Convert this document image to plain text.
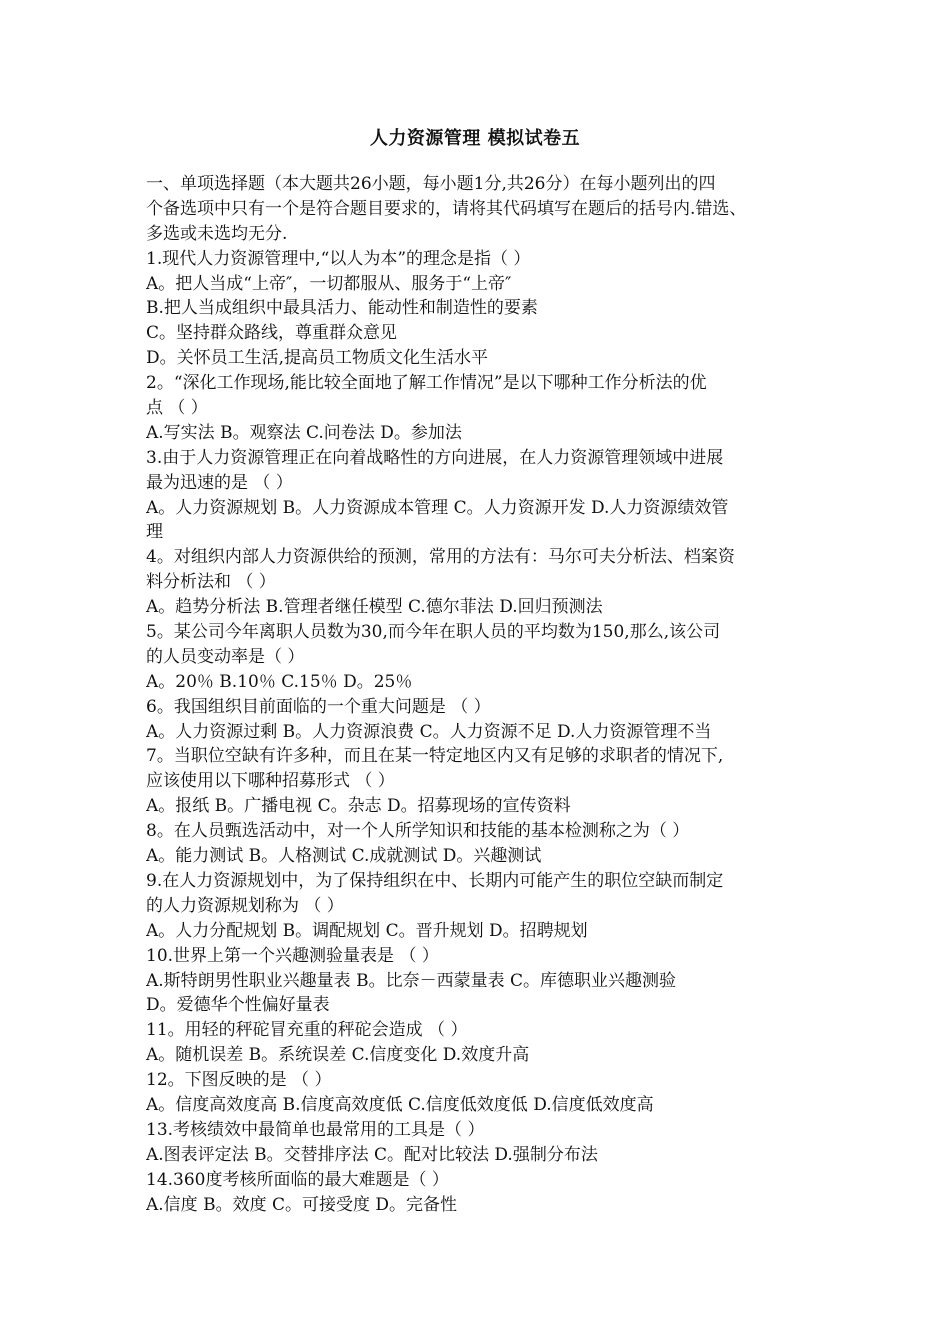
人力资源管理 模拟试卷五
一、单项选择题（本大题共26小题，每小题1分,共26分）在每小题列出的四
个备选项中只有一个是符合题目要求的，请将其代码填写在题后的括号内.错选、
多选或未选均无分.
1.现代人力资源管理中,“以人为本”的理念是指（ ）
A。把人当成“上帝″，一切都服从、服务于“上帝″
B.把人当成组织中最具活力、能动性和制造性的要素
C。坚持群众路线，尊重群众意见
D。关怀员工生活,提高员工物质文化生活水平
2。“深化工作现场,能比较全面地了解工作情况”是以下哪种工作分析法的优
点 （ ）
A.写实法 B。观察法 C.问卷法 D。参加法
3.由于人力资源管理正在向着战略性的方向进展，在人力资源管理领域中进展
最为迅速的是 （ ）
A。人力资源规划 B。人力资源成本管理 C。人力资源开发 D.人力资源绩效管
理
4。对组织内部人力资源供给的预测，常用的方法有：马尔可夫分析法、档案资
料分析法和 （ ）
A。趋势分析法 B.管理者继任模型 C.德尔菲法 D.回归预测法
5。某公司今年离职人员数为30,而今年在职人员的平均数为150,那么,该公司
的人员变动率是（ ）
A。20％ B.10％ C.15％ D。25％
6。我国组织目前面临的一个重大问题是 （ ）
A。人力资源过剩 B。人力资源浪费 C。人力资源不足 D.人力资源管理不当
7。当职位空缺有许多种，而且在某一特定地区内又有足够的求职者的情况下,
应该使用以下哪种招募形式 （ ）
A。报纸 B。广播电视 C。杂志 D。招募现场的宣传资料
8。在人员甄选活动中，对一个人所学知识和技能的基本检测称之为（ ）
A。能力测试 B。人格测试 C.成就测试 D。兴趣测试
9.在人力资源规划中，为了保持组织在中、长期内可能产生的职位空缺而制定
的人力资源规划称为 （ ）
A。人力分配规划 B。调配规划 C。晋升规划 D。招聘规划
10.世界上第一个兴趣测验量表是 （ ）
A.斯特朗男性职业兴趣量表 B。比奈－西蒙量表 C。库德职业兴趣测验
D。爱德华个性偏好量表
11。用轻的秤砣冒充重的秤砣会造成 （ ）
A。随机误差 B。系统误差 C.信度变化 D.效度升高
12。下图反映的是 （ ）
A。信度高效度高 B.信度高效度低 C.信度低效度低 D.信度低效度高
13.考核绩效中最简单也最常用的工具是（ ）
A.图表评定法 B。交替排序法 C。配对比较法 D.强制分布法
14.360度考核所面临的最大难题是（ ）
A.信度 B。效度 C。可接受度 D。完备性
